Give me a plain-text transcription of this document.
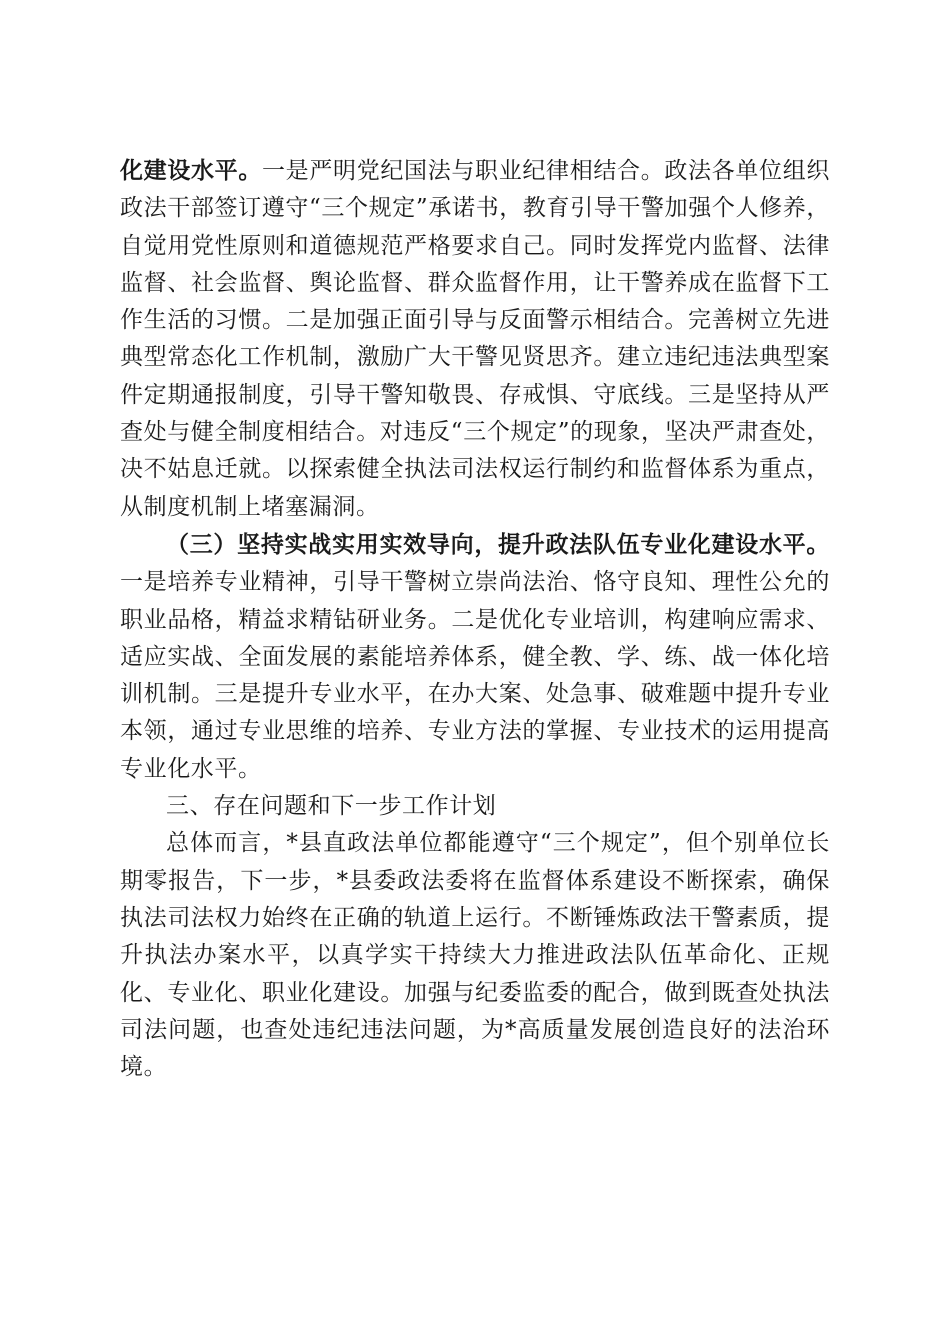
化建设水平。一是严明党纪国法与职业纪律相结合。政法各单位组织政法干部签订遵守“三个规定”承诺书，教育引导干警加强个人修养，自觉用党性原则和道德规范严格要求自己。同时发挥党内监督、法律监督、社会监督、舆论监督、群众监督作用，让干警养成在监督下工作生活的习惯。二是加强正面引导与反面警示相结合。完善树立先进典型常态化工作机制，激励广大干警见贤思齐。建立违纪违法典型案件定期通报制度，引导干警知敬畏、存戒惧、守底线。三是坚持从严查处与健全制度相结合。对违反“三个规定”的现象，坚决严肃查处，决不姑息迁就。以探索健全执法司法权运行制约和监督体系为重点，从制度机制上堵塞漏洞。

（三）坚持实战实用实效导向，提升政法队伍专业化建设水平。一是培养专业精神，引导干警树立崇尚法治、恪守良知、理性公允的职业品格，精益求精钻研业务。二是优化专业培训，构建响应需求、适应实战、全面发展的素能培养体系，健全教、学、练、战一体化培训机制。三是提升专业水平，在办大案、处急事、破难题中提升专业本领，通过专业思维的培养、专业方法的掌握、专业技术的运用提高专业化水平。

三、存在问题和下一步工作计划

总体而言，*县直政法单位都能遵守“三个规定”，但个别单位长期零报告，下一步，*县委政法委将在监督体系建设不断探索，确保执法司法权力始终在正确的轨道上运行。不断锤炼政法干警素质，提升执法办案水平，以真学实干持续大力推进政法队伍革命化、正规化、专业化、职业化建设。加强与纪委监委的配合，做到既查处执法司法问题，也查处违纪违法问题，为*高质量发展创造良好的法治环境。
